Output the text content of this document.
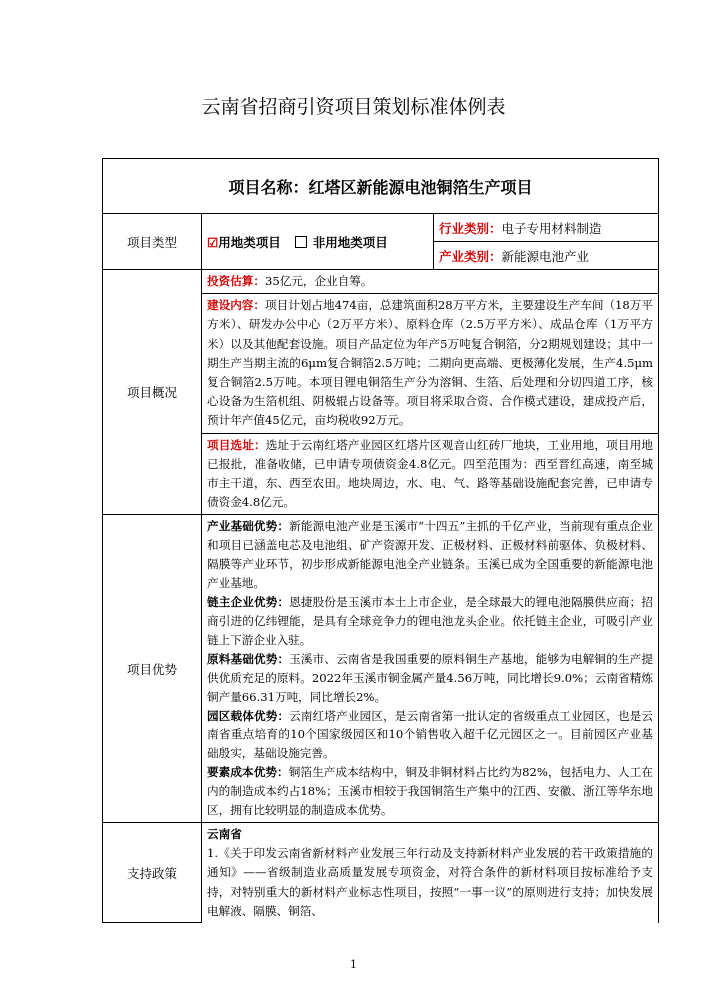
云南省招商引资项目策划标准体例表
项目名称：红塔区新能源电池铜箔生产项目		
项目类型	☑用地类项目 非用地类项目	行业类别：电子专用材料制造
		产业类别：新能源电池产业
项目概况	投资估算：35亿元，企业自筹。	
	建设内容：项目计划占地474亩，总建筑面积28万平方米，主要建设生产车间（18万平方米）、研发办公中心（2万平方米）、原料仓库（2.5万平方米）、成品仓库（1万平方米）以及其他配套设施。项目产品定位为年产5万吨复合铜箔，分2期规划建设；其中一期生产当期主流的6μm复合铜箔2.5万吨；二期向更高端、更极薄化发展，生产4.5μm复合铜箔2.5万吨。本项目锂电铜箔生产分为溶铜、生箔、后处理和分切四道工序，核心设备为生箔机组、阴极辊占设备等。项目将采取合资、合作模式建设，建成投产后，预计年产值45亿元，亩均税收92万元。	
	项目选址：选址于云南红塔产业园区红塔片区观音山红砖厂地块，工业用地，项目用地已报批，准备收储，已申请专项债资金4.8亿元。四至范围为：西至晋红高速，南至城市主干道，东、西至农田。地块周边，水、电、气、路等基础设施配套完善，已申请专债资金4.8亿元。	
项目优势	产业基础优势：新能源电池产业是玉溪市“十四五”主抓的千亿产业，当前现有重点企业和项目已涵盖电芯及电池组、矿产资源开发、正极材料、正极材料前驱体、负极材料、隔膜等产业环节，初步形成新能源电池全产业链条。玉溪已成为全国重要的新能源电池产业基地。
链主企业优势：恩捷股份是玉溪市本土上市企业，是全球最大的锂电池隔膜供应商；招商引进的亿纬锂能，是具有全球竞争力的锂电池龙头企业。依托链主企业，可吸引产业链上下游企业入驻。
原料基础优势：玉溪市、云南省是我国重要的原料铜生产基地，能够为电解铜的生产提供优质充足的原料。2022年玉溪市铜金属产量4.56万吨，同比增长9.0%；云南省精炼铜产量66.31万吨，同比增长2%。
园区载体优势：云南红塔产业园区，是云南省第一批认定的省级重点工业园区，也是云南省重点培育的10个国家级园区和10个销售收入超千亿元园区之一。目前园区产业基础殷实，基础设施完善。
要素成本优势：铜箔生产成本结构中，铜及非铜材料占比约为82%，包括电力、人工在内的制造成本约占18%；玉溪市相较于我国铜箔生产集中的江西、安徽、浙江等华东地区，拥有比较明显的制造成本优势。	

支持政策	云南省
1.《关于印发云南省新材料产业发展三年行动及支持新材料产业发展的若干政策措施的通知》——省级制造业高质量发展专项资金，对符合条件的新材料项目按标准给予支持，对特别重大的新材料产业标志性项目，按照“一事一议”的原则进行支持；加快发展电解液、隔膜、铜箔、	
1
